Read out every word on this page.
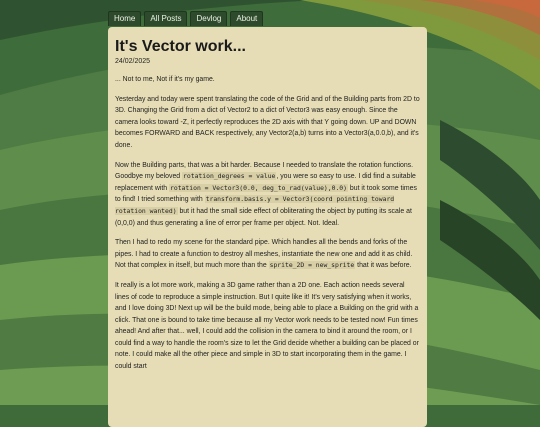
Home	All Posts	Devlog	About
It's Vector work...
24/02/2025

... Not to me, Not if it's my game.

Yesterday and today were spent translating the code of the Grid and of the Building parts from 2D to 3D. Changing the Grid from a dict of Vector2 to a dict of Vector3 was easy enough. Since the camera looks toward -Z, it perfectly reproduces the 2D axis with that Y going down. UP and DOWN becomes FORWARD and BACK respectively, any Vector2(a,b) turns into a Vector3(a,0.0,b), and it's done.

Now the Building parts, that was a bit harder. Because I needed to translate the rotation functions. Goodbye my beloved rotation_degrees = value, you were so easy to use. I did find a suitable replacement with rotation = Vector3(0.0, deg_to_rad(value),0.0) but it took some times to find! I tried something with transform.basis.y = Vector3(coord pointing toward rotation wanted) but it had the small side effect of obliterating the object by putting its scale at (0,0,0) and thus generating a line of error per frame per object. Not. Ideal.

Then I had to redo my scene for the standard pipe. Which handles all the bends and forks of the pipes. I had to create a function to destroy all meshes, instantiate the new one and add it as child. Not that complex in itself, but much more than the sprite_2D = new_sprite that it was before.

It really is a lot more work, making a 3D game rather than a 2D one. Each action needs several lines of code to reproduce a simple instruction. But I quite like it! It's very satisfying when it works, and I love doing 3D! Next up will be the build mode, being able to place a Building on the grid with a click. That one is bound to take time because all my Vector work needs to be tested now! Fun times ahead! And after that... well, I could add the collision in the camera to bind it around the room, or I could find a way to handle the room's size to let the Grid decide whether a building can be placed or note. I could make all the other piece and simple in 3D to start incorporating them in the game. I could start
